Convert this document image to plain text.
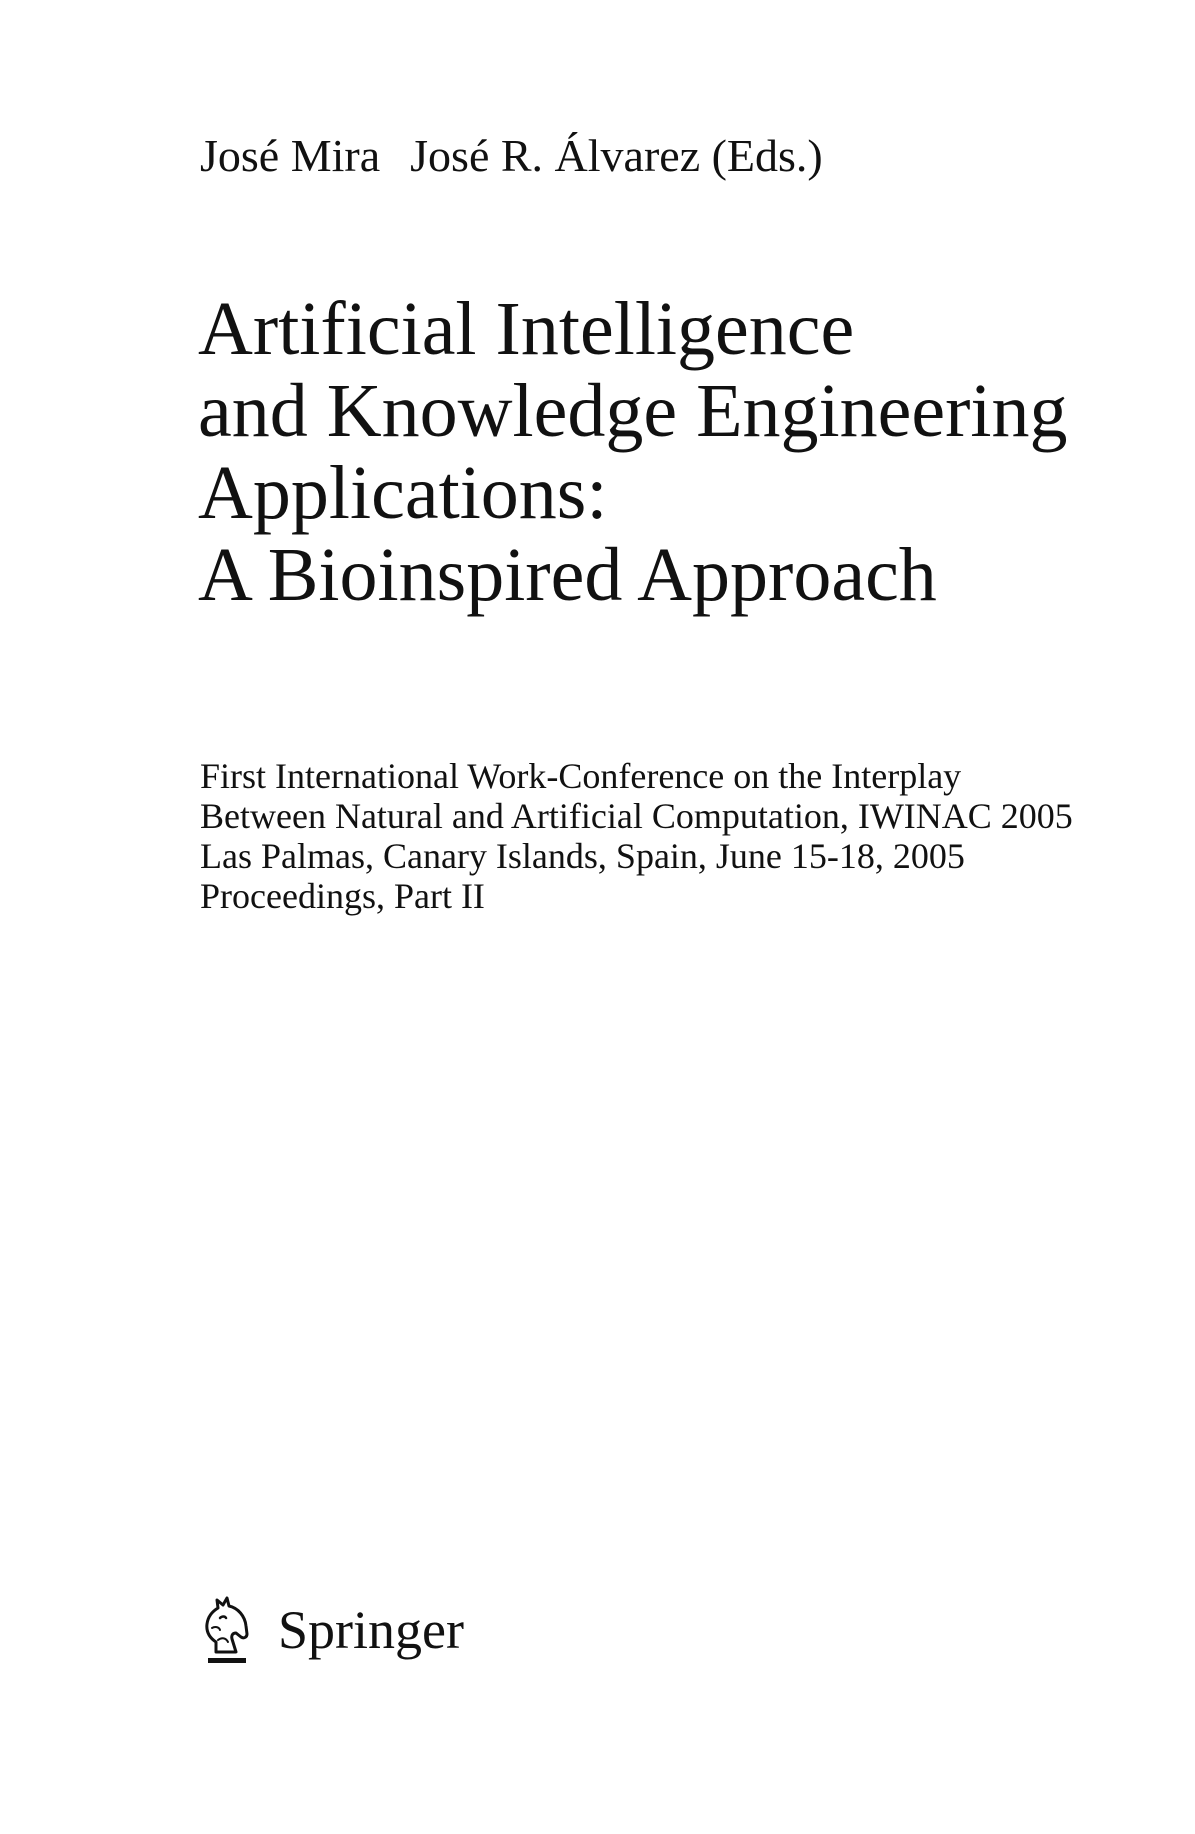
José Mira José R. Álvarez (Eds.)
Artificial Intelligence
and Knowledge Engineering
Applications:
A Bioinspired Approach
First International Work-Conference on the Interplay
Between Natural and Artificial Computation, IWINAC 2005
Las Palmas, Canary Islands, Spain, June 15-18, 2005
Proceedings, Part II
Springer
